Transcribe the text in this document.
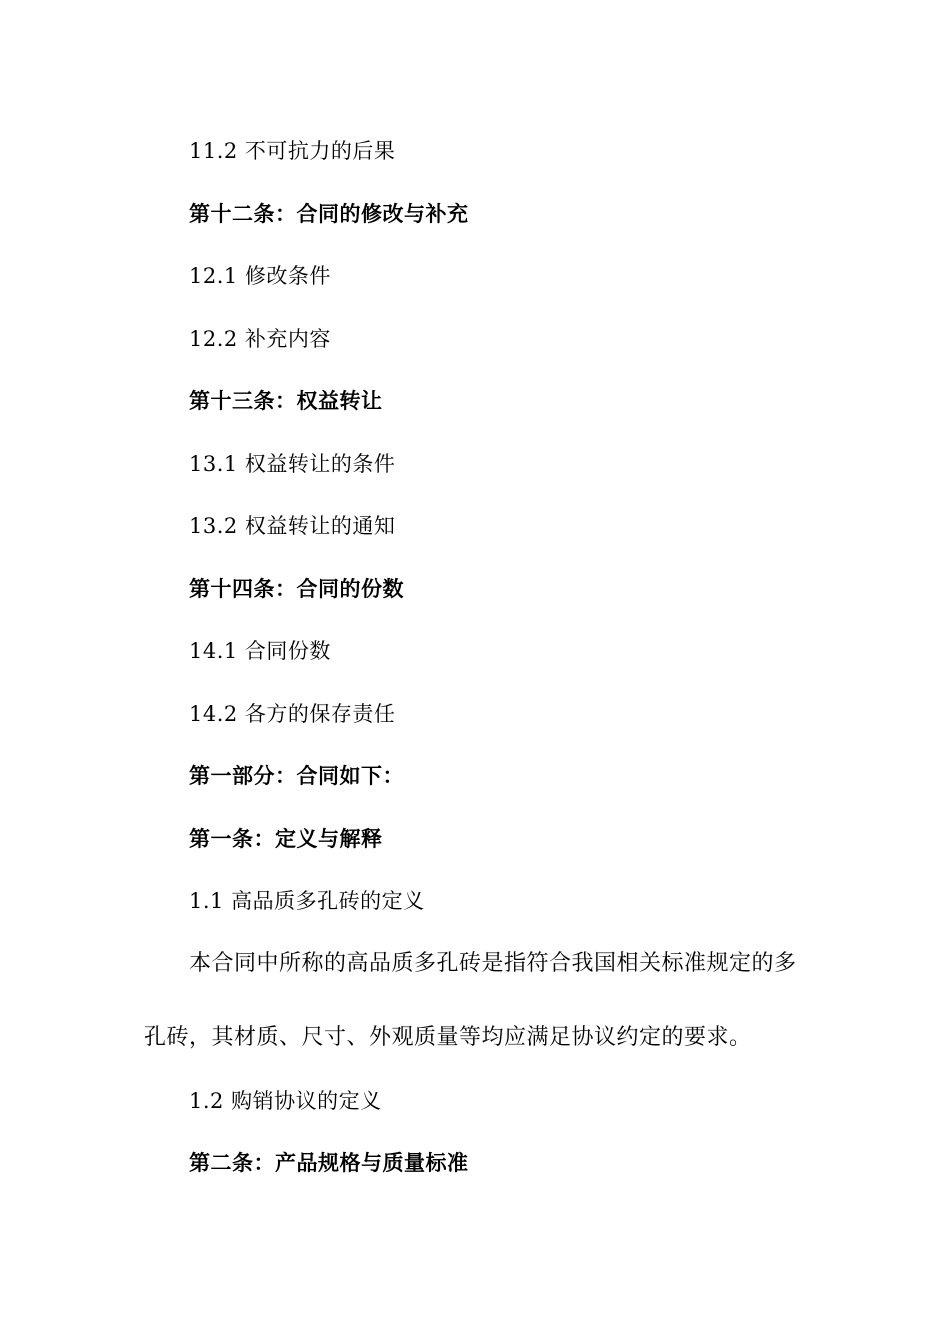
11.2 不可抗力的后果
第十二条：合同的修改与补充
12.1 修改条件
12.2 补充内容
第十三条：权益转让
13.1 权益转让的条件
13.2 权益转让的通知
第十四条：合同的份数
14.1 合同份数
14.2 各方的保存责任
第一部分：合同如下：
第一条：定义与解释
1.1 高品质多孔砖的定义
本合同中所称的高品质多孔砖是指符合我国相关标准规定的多
孔砖，其材质、尺寸、外观质量等均应满足协议约定的要求。
1.2 购销协议的定义
第二条：产品规格与质量标准
